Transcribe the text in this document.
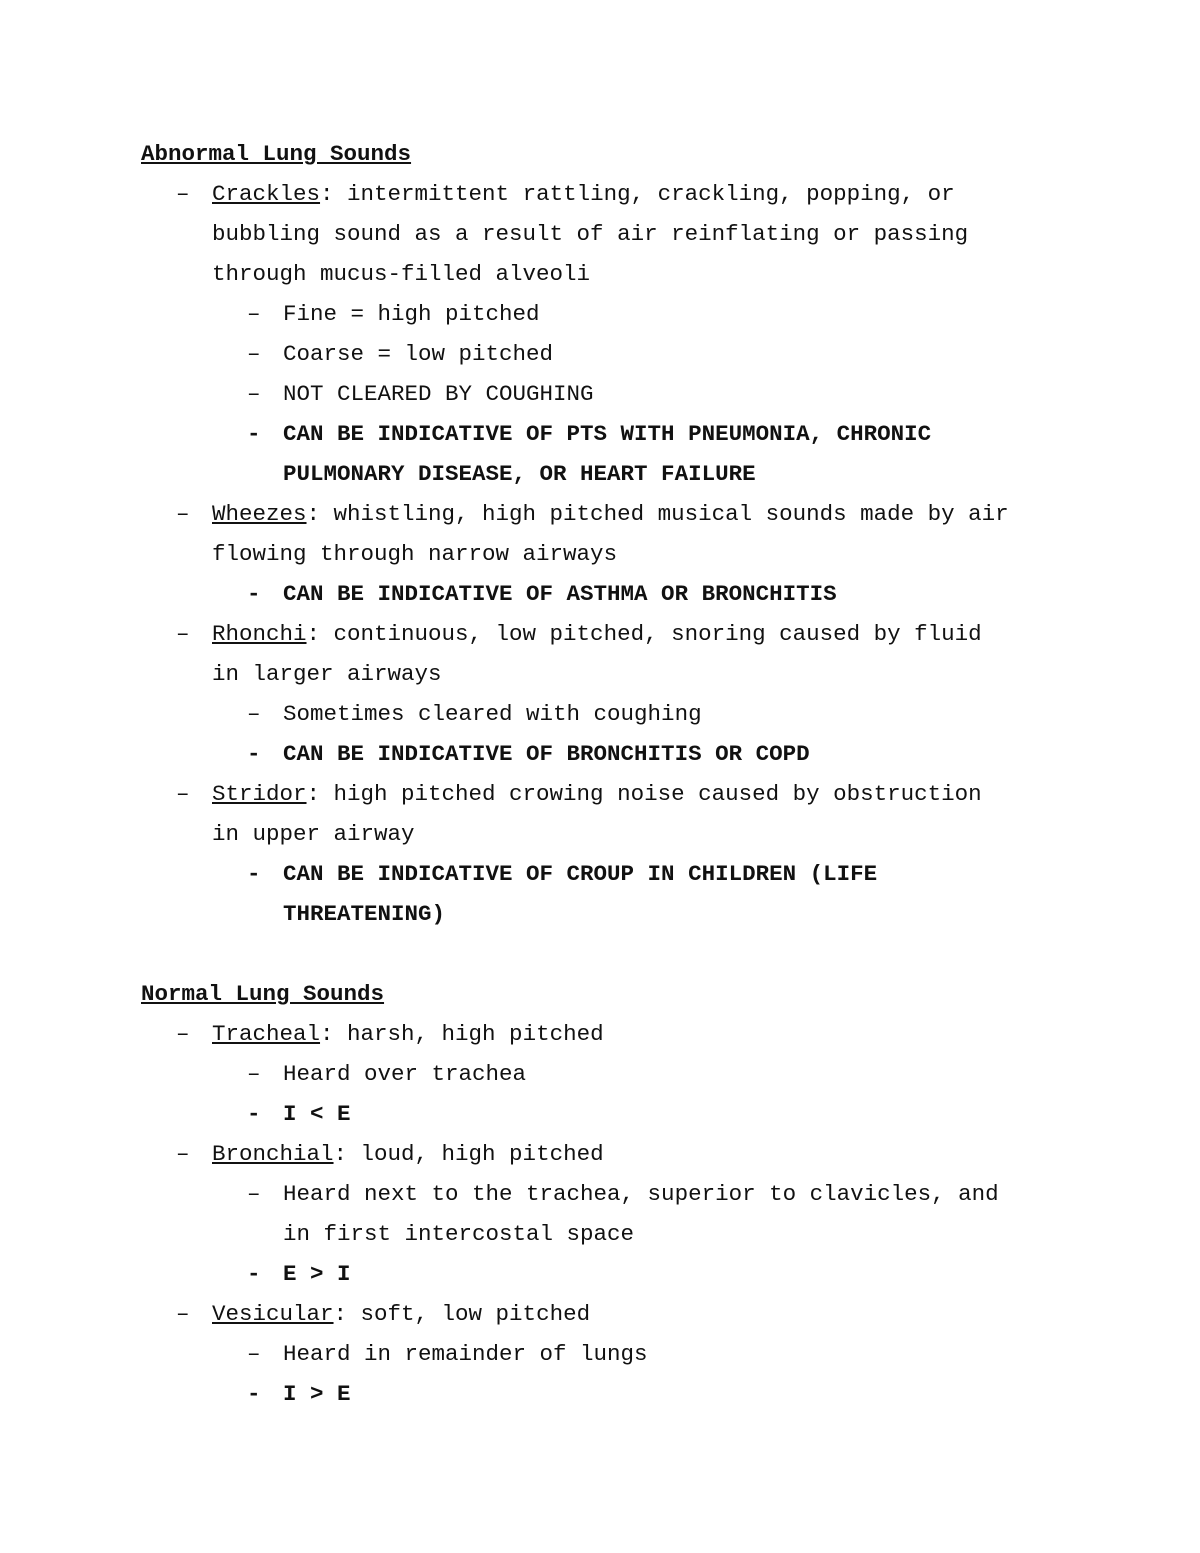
Abnormal Lung Sounds
– Crackles: intermittent rattling, crackling, popping, or
bubbling sound as a result of air reinflating or passing
through mucus-filled alveoli
– Fine = high pitched
– Coarse = low pitched
– NOT CLEARED BY COUGHING
- CAN BE INDICATIVE OF PTS WITH PNEUMONIA, CHRONIC
PULMONARY DISEASE, OR HEART FAILURE
– Wheezes: whistling, high pitched musical sounds made by air
flowing through narrow airways
- CAN BE INDICATIVE OF ASTHMA OR BRONCHITIS
– Rhonchi: continuous, low pitched, snoring caused by fluid
in larger airways
– Sometimes cleared with coughing
- CAN BE INDICATIVE OF BRONCHITIS OR COPD
– Stridor: high pitched crowing noise caused by obstruction
in upper airway
- CAN BE INDICATIVE OF CROUP IN CHILDREN (LIFE
THREATENING)
Normal Lung Sounds
– Tracheal: harsh, high pitched
– Heard over trachea
- I < E
– Bronchial: loud, high pitched
– Heard next to the trachea, superior to clavicles, and
in first intercostal space
- E > I
– Vesicular: soft, low pitched
– Heard in remainder of lungs
- I > E
